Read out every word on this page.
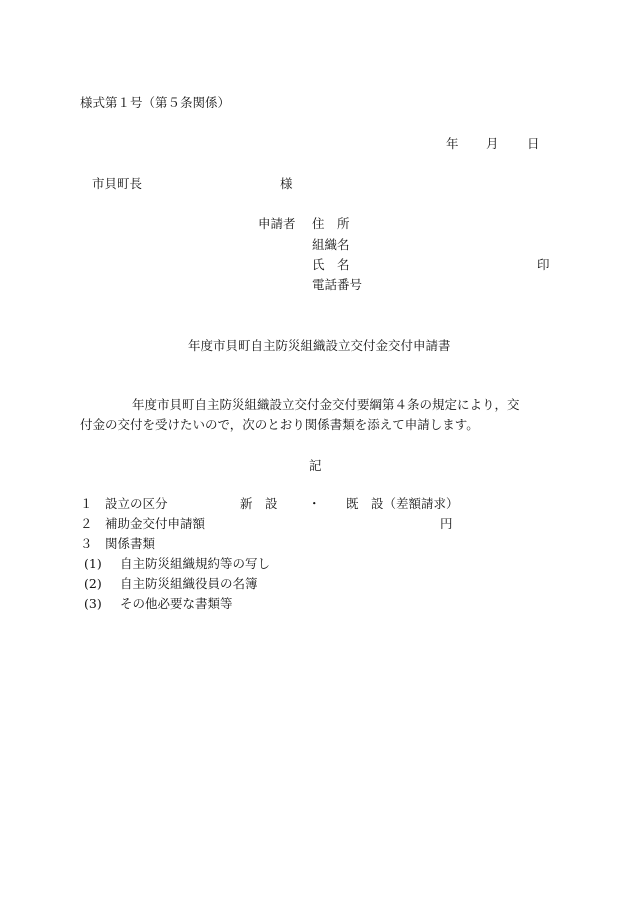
様式第１号（第５条関係）
年 月 日
市貝町長	様
申請者 住　所
組織名
氏　名	印
電話番号
年度市貝町自主防災組織設立交付金交付申請書
年度市貝町自主防災組織設立交付金交付要綱第４条の規定により，交
付金の交付を受けたいので，次のとおり関係書類を添えて申請します。
記
１ 設立の区分	新　設 ・ 既　設（差額請求）
２ 補助金交付申請額	円
３ 関係書類
(1) 自主防災組織規約等の写し
(2) 自主防災組織役員の名簿
(3) その他必要な書類等
